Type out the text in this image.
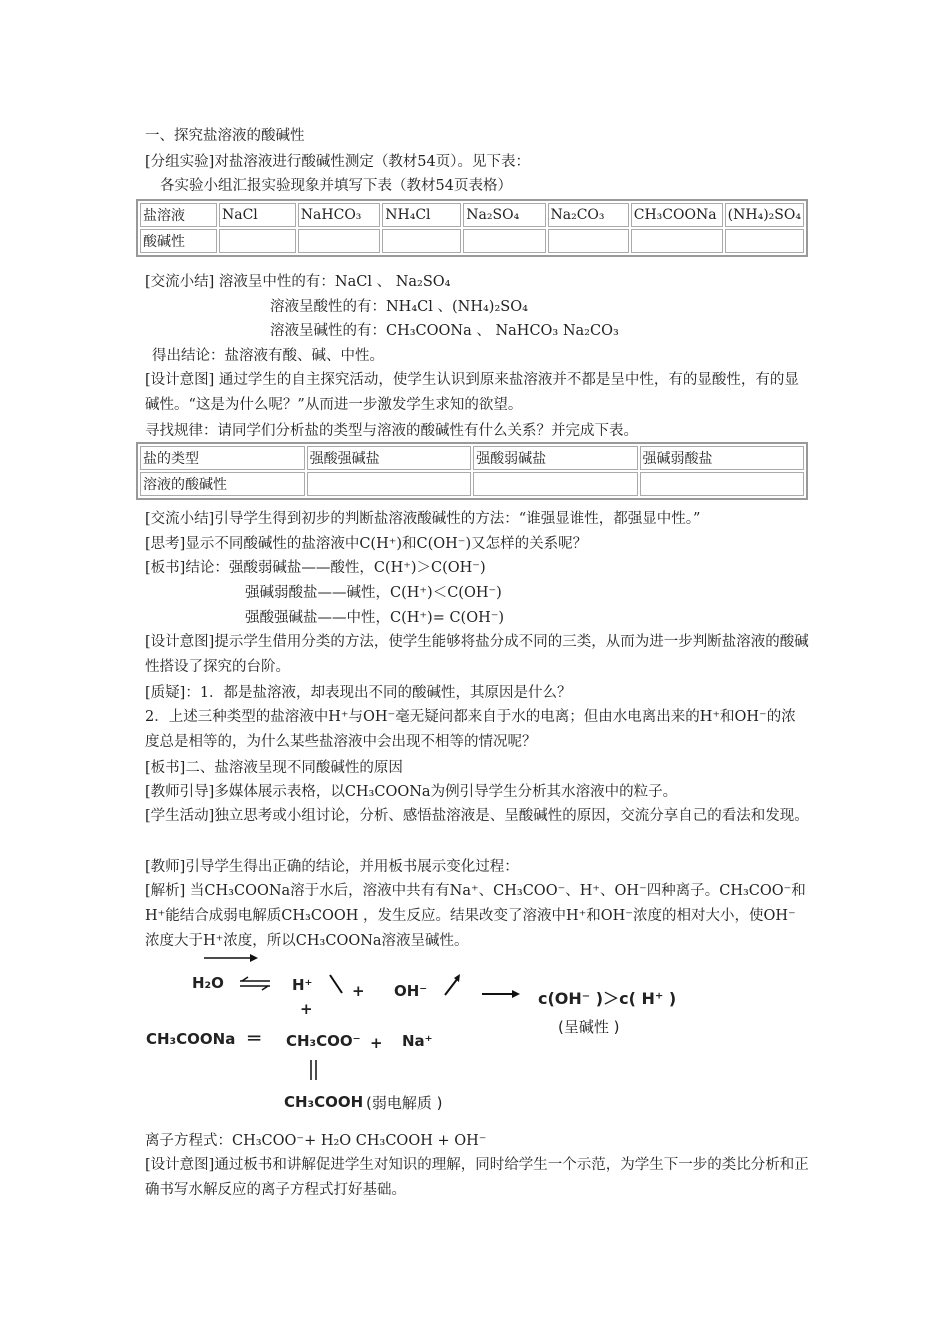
一、探究盐溶液的酸碱性
[分组实验]对盐溶液进行酸碱性测定（教材54页）。见下表：
各实验小组汇报实验现象并填写下表（教材54页表格）
盐溶液	NaCl	NaHCO₃	NH₄Cl	Na₂SO₄	Na₂CO₃	CH₃COONa	(NH₄)₂SO₄
酸碱性							
[交流小结] 溶液呈中性的有：NaCl 、 Na₂SO₄
溶液呈酸性的有：NH₄Cl 、(NH₄)₂SO₄
溶液呈碱性的有：CH₃COONa 、 NaHCO₃ Na₂CO₃
得出结论：盐溶液有酸、碱、中性。
[设计意图] 通过学生的自主探究活动，使学生认识到原来盐溶液并不都是呈中性，有的显酸性，有的显碱性。“这是为什么呢？”从而进一步激发学生求知的欲望。
寻找规律：请同学们分析盐的类型与溶液的酸碱性有什么关系？并完成下表。
盐的类型	强酸强碱盐	强酸弱碱盐	强碱弱酸盐
溶液的酸碱性			
[交流小结]引导学生得到初步的判断盐溶液酸碱性的方法：“谁强显谁性，都强显中性。”
[思考]显示不同酸碱性的盐溶液中C(H⁺)和C(OH⁻)又怎样的关系呢？
[板书]结论：强酸弱碱盐——酸性，C(H⁺)＞C(OH⁻)
强碱弱酸盐——碱性，C(H⁺)＜C(OH⁻)
强酸强碱盐——中性，C(H⁺)= C(OH⁻)
[设计意图]提示学生借用分类的方法，使学生能够将盐分成不同的三类，从而为进一步判断盐溶液的酸碱性搭设了探究的台阶。
[质疑]：1．都是盐溶液，却表现出不同的酸碱性，其原因是什么？
2．上述三种类型的盐溶液中H⁺与OH⁻毫无疑问都来自于水的电离；但由水电离出来的H⁺和OH⁻的浓度总是相等的，为什么某些盐溶液中会出现不相等的情况呢？
[板书]二、盐溶液呈现不同酸碱性的原因
[教师引导]多媒体展示表格，以CH₃COONa为例引导学生分析其水溶液中的粒子。
[学生活动]独立思考或小组讨论，分析、感悟盐溶液是、呈酸碱性的原因，交流分享自己的看法和发现。
[教师]引导学生得出正确的结论，并用板书展示变化过程：
[解析] 当CH₃COONa溶于水后，溶液中共有有Na⁺、CH₃COO⁻、H⁺、OH⁻四种离子。CH₃COO⁻和 H⁺能结合成弱电解质CH₃COOH ，发生反应。结果改变了溶液中H⁺和OH⁻浓度的相对大小，使OH⁻浓度大于H⁺浓度，所以CH₃COONa溶液呈碱性。
H₂O	H⁺	+
+
OH⁻	c(OH⁻ )＞c( H⁺ )
(呈碱性 )
CH₃COONa ═ CH₃COO⁻ + Na⁺
CH₃COOH (弱电解质 )
离子方程式：CH₃COO⁻+ H₂O CH₃COOH + OH⁻
[设计意图]通过板书和讲解促进学生对知识的理解，同时给学生一个示范，为学生下一步的类比分析和正确书写水解反应的离子方程式打好基础。
